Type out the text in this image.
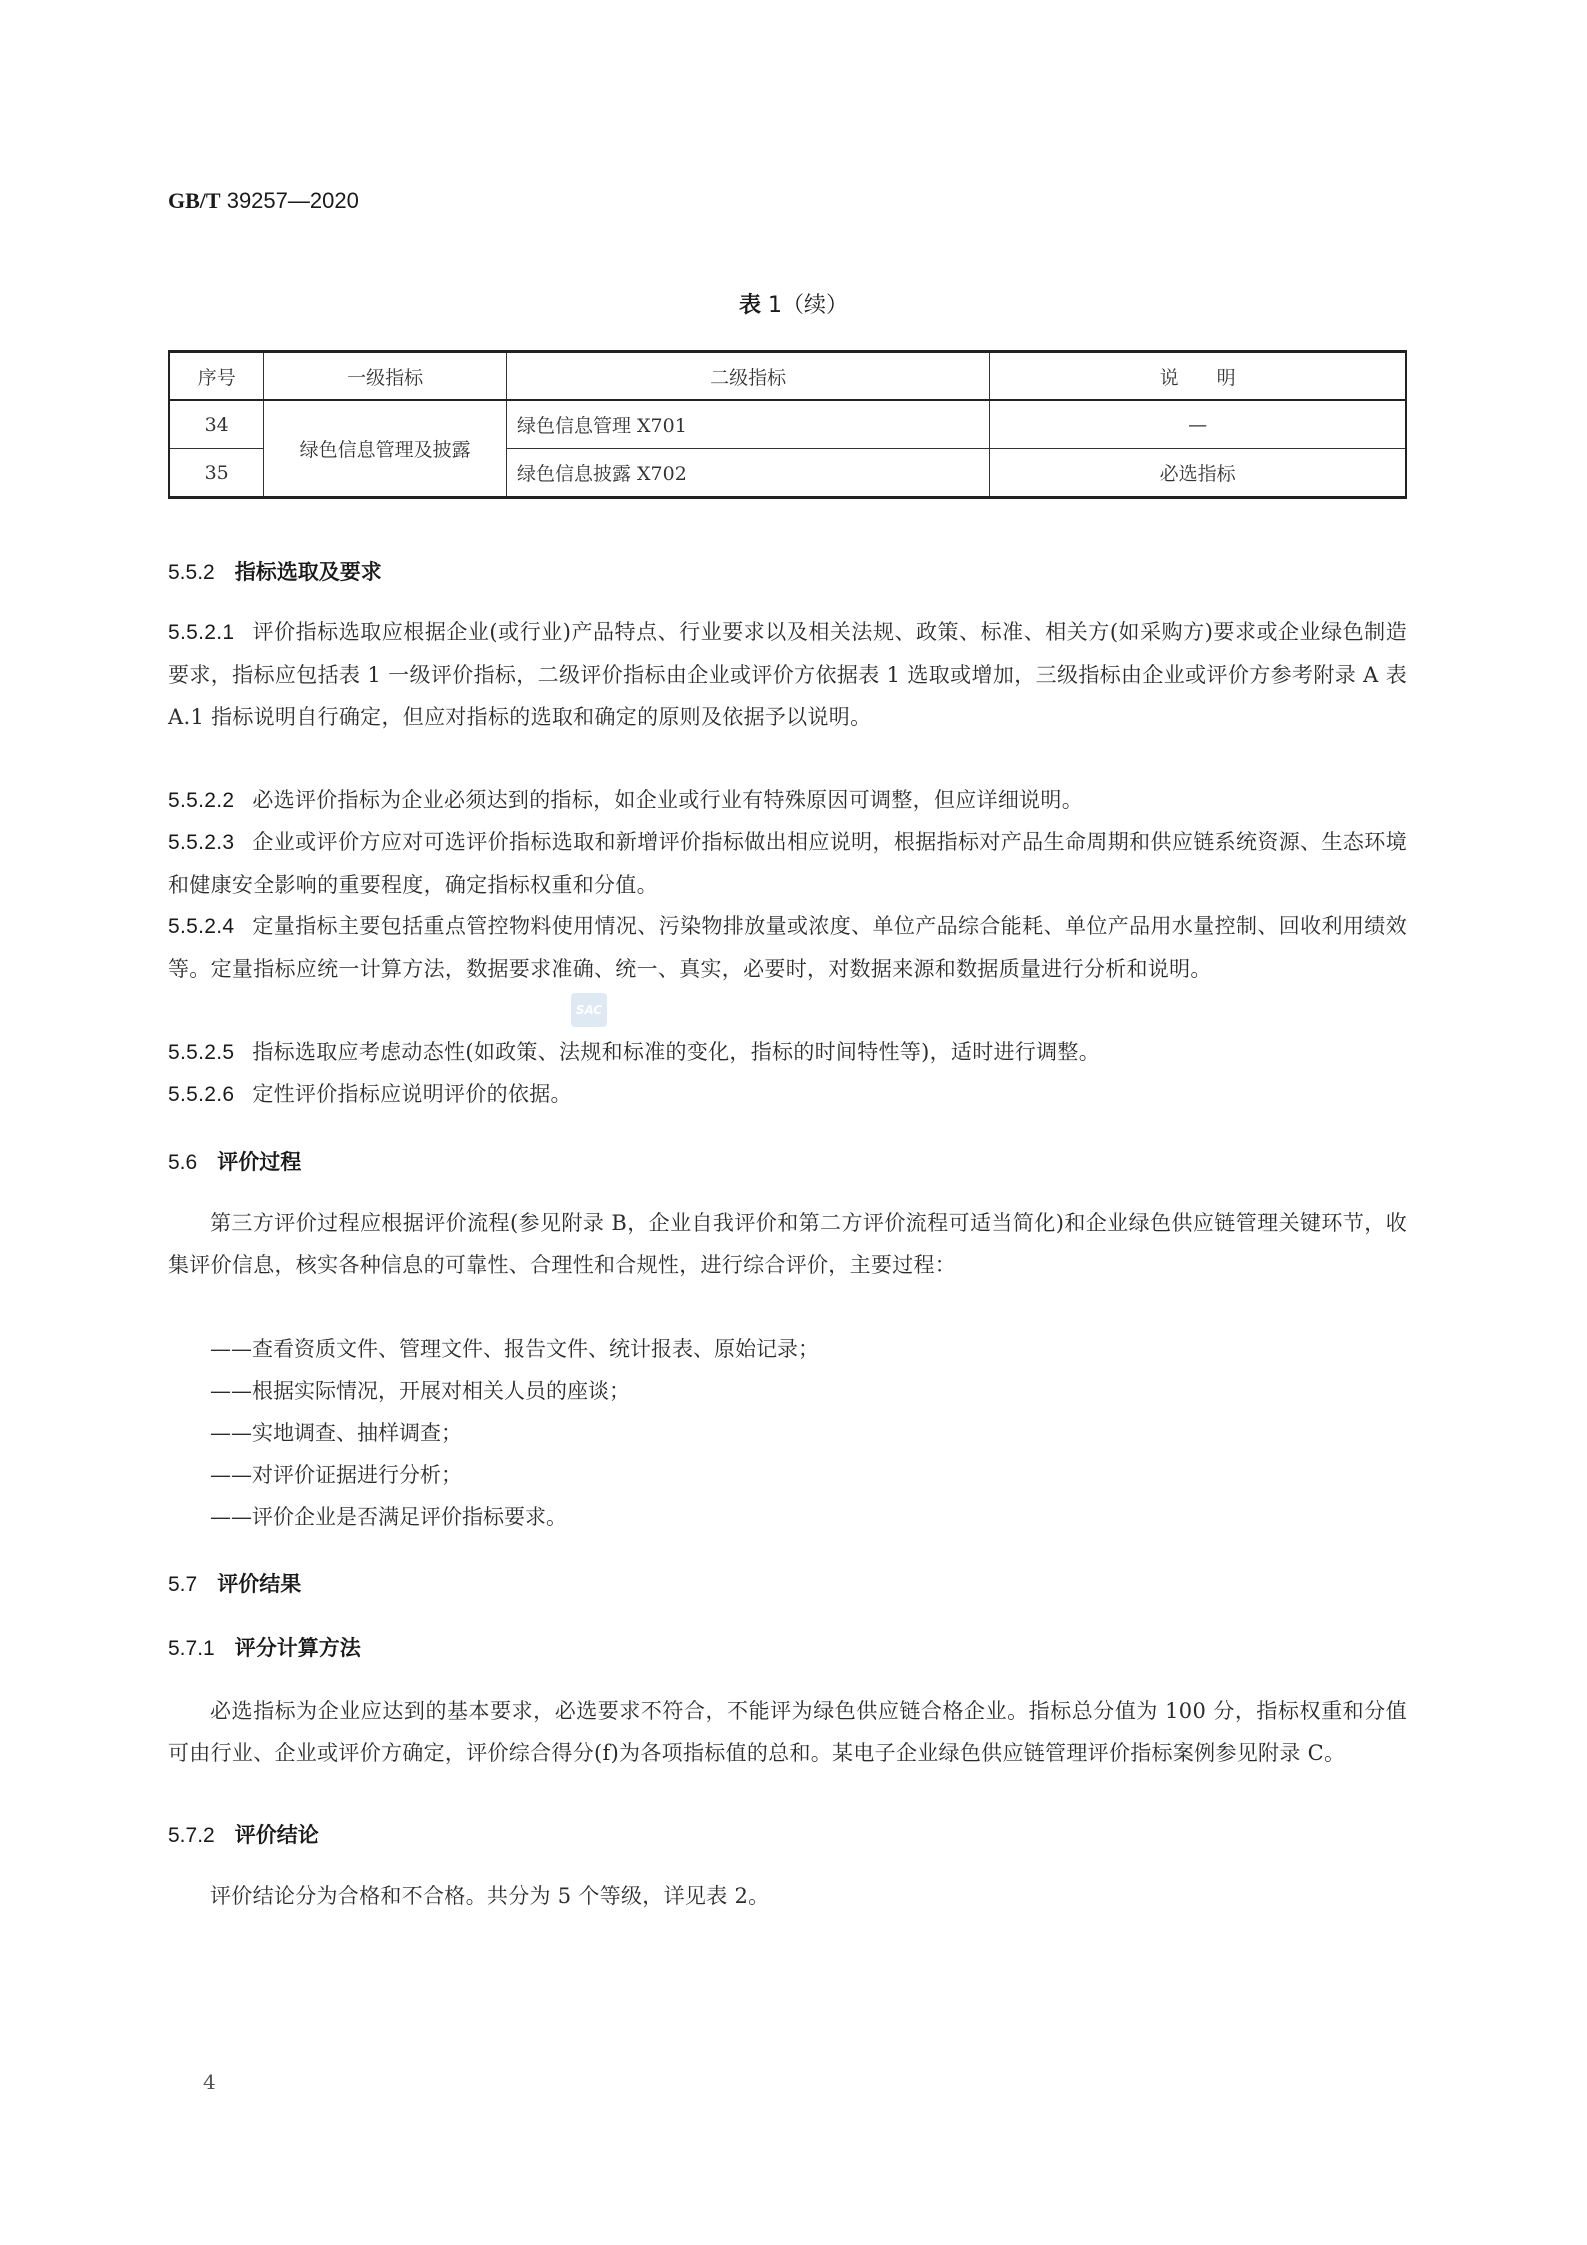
GB/T 39257—2020
表 1（续）
序号	一级指标	二级指标	说　　明
34	绿色信息管理及披露	绿色信息管理 X701	—
35		绿色信息披露 X702	必选指标
5.5.2 指标选取及要求
5.5.2.1 评价指标选取应根据企业(或行业)产品特点、行业要求以及相关法规、政策、标准、相关方(如采购方)要求或企业绿色制造要求，指标应包括表 1 一级评价指标，二级评价指标由企业或评价方依据表 1 选取或增加，三级指标由企业或评价方参考附录 A 表 A.1 指标说明自行确定，但应对指标的选取和确定的原则及依据予以说明。
5.5.2.2 必选评价指标为企业必须达到的指标，如企业或行业有特殊原因可调整，但应详细说明。
5.5.2.3 企业或评价方应对可选评价指标选取和新增评价指标做出相应说明，根据指标对产品生命周期和供应链系统资源、生态环境和健康安全影响的重要程度，确定指标权重和分值。
5.5.2.4 定量指标主要包括重点管控物料使用情况、污染物排放量或浓度、单位产品综合能耗、单位产品用水量控制、回收利用绩效等。定量指标应统一计算方法，数据要求准确、统一、真实，必要时，对数据来源和数据质量进行分析和说明。
SAC
5.5.2.5 指标选取应考虑动态性(如政策、法规和标准的变化，指标的时间特性等)，适时进行调整。
5.5.2.6 定性评价指标应说明评价的依据。
5.6 评价过程
第三方评价过程应根据评价流程(参见附录 B，企业自我评价和第二方评价流程可适当简化)和企业绿色供应链管理关键环节，收集评价信息，核实各种信息的可靠性、合理性和合规性，进行综合评价，主要过程：
——查看资质文件、管理文件、报告文件、统计报表、原始记录；
——根据实际情况，开展对相关人员的座谈；
——实地调查、抽样调查；
——对评价证据进行分析；
——评价企业是否满足评价指标要求。
5.7 评价结果
5.7.1 评分计算方法
必选指标为企业应达到的基本要求，必选要求不符合，不能评为绿色供应链合格企业。指标总分值为 100 分，指标权重和分值可由行业、企业或评价方确定，评价综合得分(f)为各项指标值的总和。某电子企业绿色供应链管理评价指标案例参见附录 C。
5.7.2 评价结论
评价结论分为合格和不合格。共分为 5 个等级，详见表 2。
4
